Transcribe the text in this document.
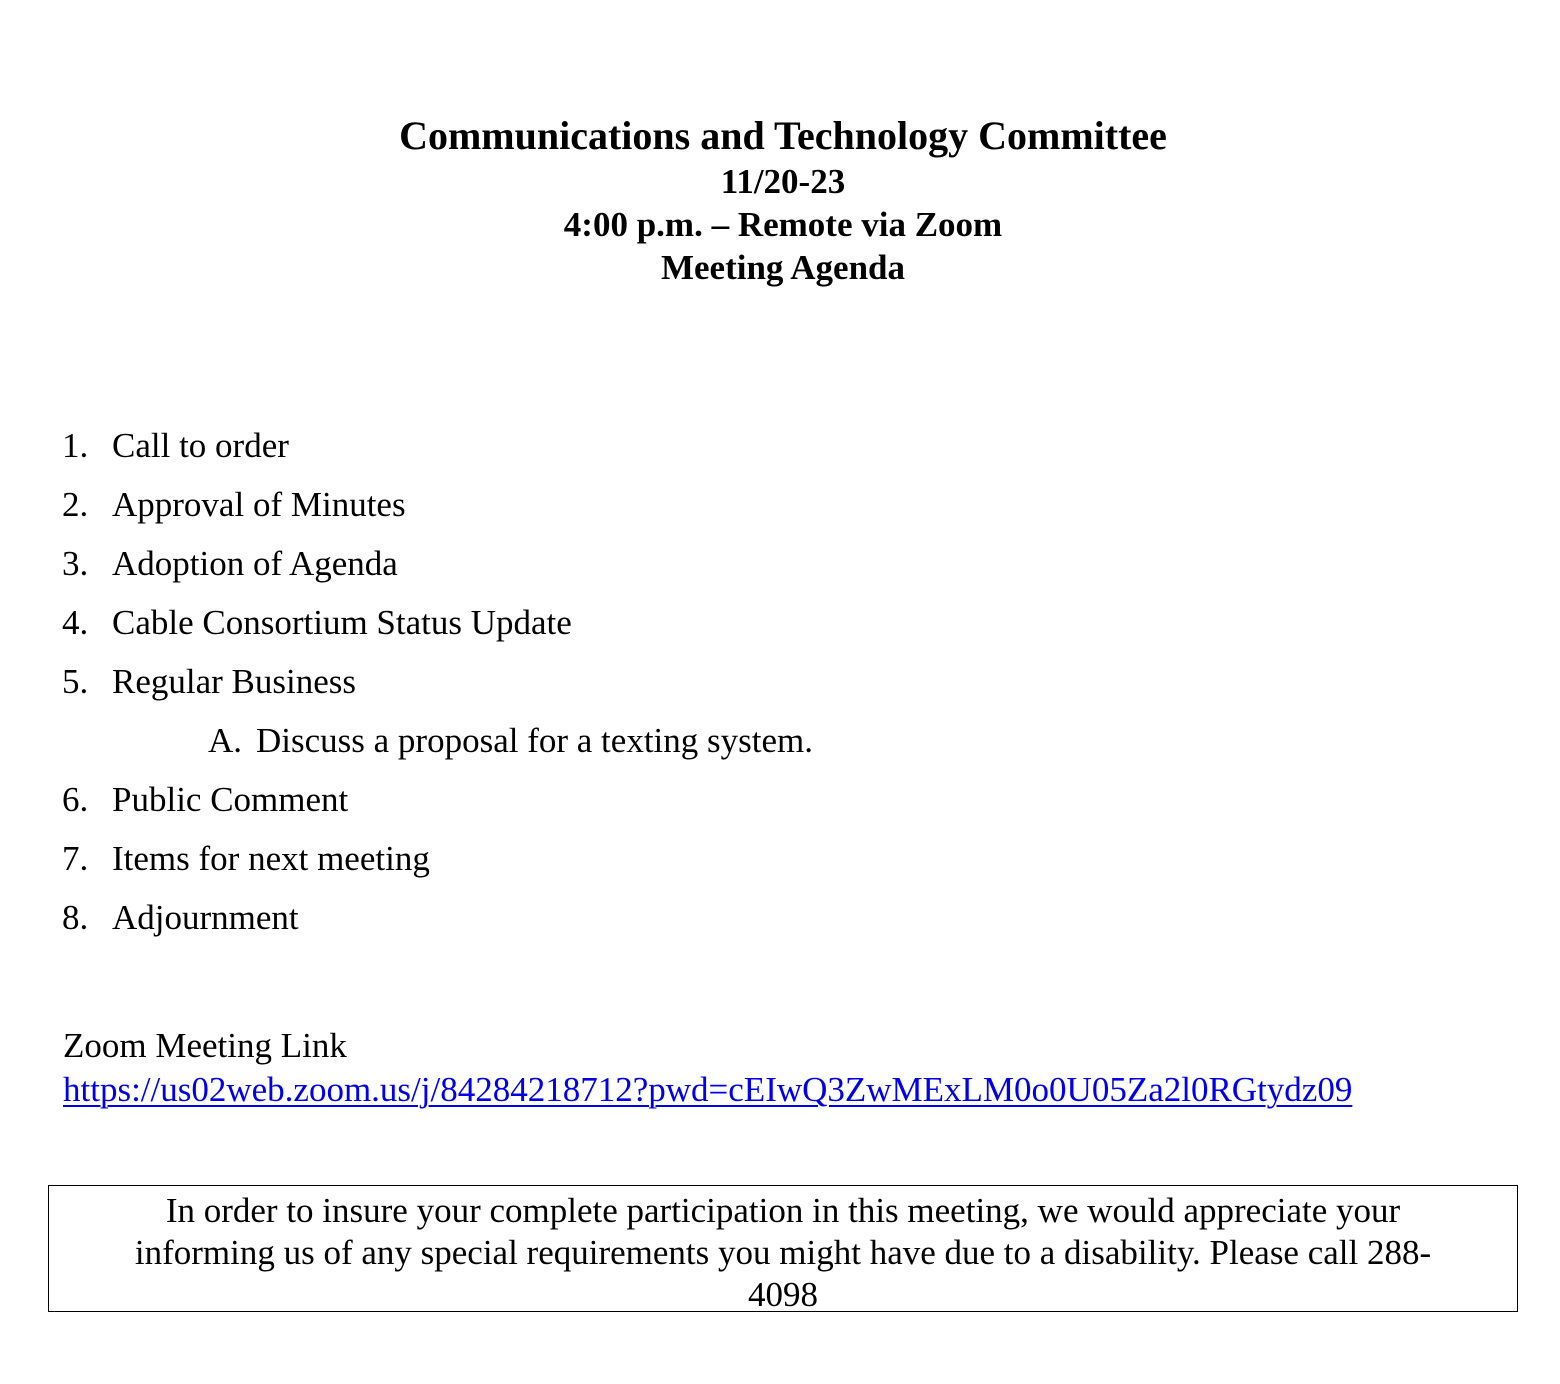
Communications and Technology Committee
11/20-23
4:00 p.m. – Remote via Zoom
Meeting Agenda
1. Call to order
2. Approval of Minutes
3. Adoption of Agenda
4. Cable Consortium Status Update
5. Regular Business
A. Discuss a proposal for a texting system.
6. Public Comment
7. Items for next meeting
8. Adjournment
Zoom Meeting Link
https://us02web.zoom.us/j/84284218712?pwd=cEIwQ3ZwMExLM0o0U05Za2l0RGtydz09
In order to insure your complete participation in this meeting, we would appreciate your
informing us of any special requirements you might have due to a disability. Please call 288-
4098
